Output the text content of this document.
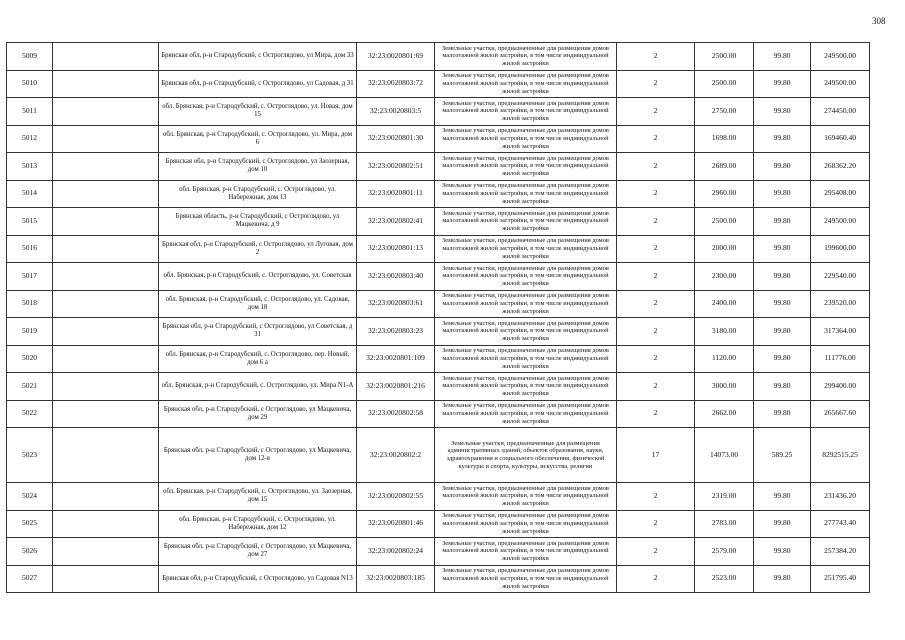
308
5009		Брянская обл, р-н Стародубский, с Остроглядово, ул Мира, дом 33	32:23:0020801:69	Земельные участки, предназначенные для размещения домов малоэтажной жилой застройки, в том числе индивидуальной жилой застройки	2	2500.00	99.80	249500.00
5010		Брянская обл, р-н Стародубский, с Остроглядово, ул Садовая, д 31	32:23:0020803:72	Земельные участки, предназначенные для размещения домов малоэтажной жилой застройки, в том числе индивидуальной жилой застройки	2	2500.00	99.80	249500.00
5011		обл. Брянская, р-н Стародубский, с. Остроглядово, ул. Новая, дом 15	32:23:0020803:5	Земельные участки, предназначенные для размещения домов малоэтажной жилой застройки, в том числе индивидуальной жилой застройки	2	2750.00	99.80	274450.00
5012		обл. Брянская, р-н Стародубский, с. Остроглядово, ул. Мира, дом 6	32:23:0020801:30	Земельные участки, предназначенные для размещения домов малоэтажной жилой застройки, в том числе индивидуальной жилой застройки	2	1698.00	99.80	169460.40
5013		Брянская обл, р-н Стародубский, с Остроглядово, ул Заозерная, дом 10	32:23:0020802:51	Земельные участки, предназначенные для размещения домов малоэтажной жилой застройки, в том числе индивидуальной жилой застройки	2	2689.00	99.80	268362.20
5014		обл. Брянская, р-н Стародубский, с. Остроглядово, ул. Набережная, дом 13	32:23:0020801:11	Земельные участки, предназначенные для размещения домов малоэтажной жилой застройки, в том числе индивидуальной жилой застройки	2	2960.00	99.80	295408.00
5015		Брянская область, р-н Стародубский, с Остроглядово, ул Мацкевича, д 9	32:23:0020802:41	Земельные участки, предназначенные для размещения домов малоэтажной жилой застройки, в том числе индивидуальной жилой застройки	2	2500.00	99.80	249500.00
5016		Брянская обл, р-н Стародубский, с Остроглядово, ул Луговая, дом 2	32:23:0020801:13	Земельные участки, предназначенные для размещения домов малоэтажной жилой застройки, в том числе индивидуальной жилой застройки	2	2000.00	99.80	199600.00
5017		обл. Брянская, р-н Стародубский, с. Остроглядово, ул. Советская	32:23:0020803:40	Земельные участки, предназначенные для размещения домов малоэтажной жилой застройки, в том числе индивидуальной жилой застройки	2	2300.00	99.80	229540.00
5018		обл. Брянская, р-н Стародубский, с. Остроглядово, ул. Садовая, дом 18	32:23:0020803:61	Земельные участки, предназначенные для размещения домов малоэтажной жилой застройки, в том числе индивидуальной жилой застройки	2	2400.00	99.80	239520.00
5019		Брянская обл, р-н Стародубский, с Остроглядово, ул Советская, д 31	32:23:0020803:23	Земельные участки, предназначенные для размещения домов малоэтажной жилой застройки, в том числе индивидуальной жилой застройки	2	3180.00	99.80	317364.00
5020		обл. Брянская, р-н Стародубский, с. Остроглядово, пер. Новый, дом 6 а	32:23:0020801:109	Земельные участки, предназначенные для размещения домов малоэтажной жилой застройки, в том числе индивидуальной жилой застройки	2	1120.00	99.80	111776.00
5021		обл. Брянская, р-н Стародубский, с. Остроглядово, ул. Мира N1-А	32:23:0020801:216	Земельные участки, предназначенные для размещения домов малоэтажной жилой застройки, в том числе индивидуальной жилой застройки	2	3000.00	99.80	299400.00
5022		Брянская обл, р-н Стародубский, с Остроглядово, ул Мацкевича, дом 29	32:23:0020802:58	Земельные участки, предназначенные для размещения домов малоэтажной жилой застройки, в том числе индивидуальной жилой застройки	2	2662.00	99.80	265667.60
5023		Брянская обл, р-н Стародубский, с Остроглядово, ул Мацкевича, дом 12-в	32:23:0020802:2	Земельные участки, предназначенные для размещения административных зданий, объектов образования, науки, здравоохранения и социального обеспечения, физической культуры и спорта, культуры, искусства, религии	17	14073.00	589.25	8292515.25
5024		обл. Брянская, р-н Стародубский, с. Остроглядово, ул. Заозерная, дом 15	32:23:0020802:55	Земельные участки, предназначенные для размещения домов малоэтажной жилой застройки, в том числе индивидуальной жилой застройки	2	2319.00	99.80	231436.20
5025		обл. Брянская, р-н Стародубский, с. Остроглядово, ул. Набережная, дом 12	32:23:0020801:46	Земельные участки, предназначенные для размещения домов малоэтажной жилой застройки, в том числе индивидуальной жилой застройки	2	2783.00	99.80	277743.40
5026		Брянская обл, р-н Стародубский, с Остроглядово, ул Мацкевича, дом 27	32:23:0020802:24	Земельные участки, предназначенные для размещения домов малоэтажной жилой застройки, в том числе индивидуальной жилой застройки	2	2579.00	99.80	257384.20
5027		Брянская обл, р-н Стародубский, с Остроглядово, ул Садовая N13	32:23:0020803:185	Земельные участки, предназначенные для размещения домов малоэтажной жилой застройки, в том числе индивидуальной жилой застройки	2	2523.00	99.80	251795.40
